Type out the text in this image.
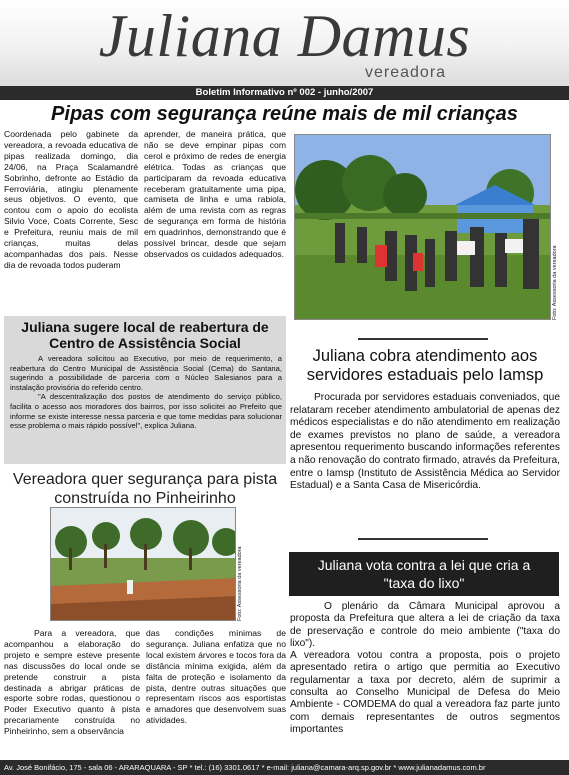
Juliana Damus
vereadora
Boletim Informativo nº 002 - junho/2007
Pipas com segurança reúne mais de mil crianças

Coordenada pelo gabinete da vereadora, a revoada educativa de pipas realizada domingo, dia 24/06, na Praça Scalamandré Sobrinho, defronte ao Estádio da Ferroviária, atingiu plenamente seus objetivos. O evento, que contou com o apoio do ecolista Silvio Voce, Coats Corrente, Sesc e Prefeitura, reuniu mais de mil crianças, muitas delas acompanhadas dos pais. Nesse dia de revoada todos puderam

aprender, de maneira prática, que não se deve empinar pipas com cerol e próximo de redes de energia elétrica. Todas as crianças que participaram da revoada educativa receberam gratuitamente uma pipa, camiseta de linha e uma rabiola, além de uma revista com as regras de segurança em forma de história em quadrinhos, demonstrando que é possível brincar, desde que sejam observados os cuidados adequados.	Foto: Assessoria da vereadora
Juliana sugere local de reabertura de Centro de Assistência Social

A vereadora solicitou ao Executivo, por meio de requerimento, a reabertura do Centro Municipal de Assistência Social (Cema) do Santana, sugerindo a possibilidade de parceria com o Núcleo Salesianos para a instalação provisória do referido centro.

"A descentralização dos postos de atendimento do serviço público, facilita o acesso aos moradores dos bairros, por isso solicitei ao Prefeito que informe se existe interesse nessa parceria e que tome medidas para solucionar esse problema o mais rápido possível", explica Juliana.

Vereadora quer segurança para pista construída no Pinheirinho
Foto: Assessoria da vereadora

Para a vereadora, que acompanhou a elaboração do projeto e sempre esteve presente nas discussões do local onde se pretende construir a pista destinada a abrigar práticas de esporte sobre rodas, questionou o Poder Executivo quanto à pista precariamente construída no Pinheirinho, sem a observância

das condições mínimas de segurança. Juliana enfatiza que no local existem árvores e tocos fora da distância mínima exigida, além da falta de proteção e isolamento da pista, dentre outras situações que representam riscos aos esportistas e amadores que desenvolvem suas atividades.

Juliana cobra atendimento aos servidores estaduais pelo Iamsp

Procurada por servidores estaduais conveniados, que relataram receber atendimento ambulatorial de apenas dez médicos especialistas e do não atendimento em realização de exames previstos no plano de saúde, a vereadora apresentou requerimento buscando informações referentes a não renovação do contrato firmado, através da Prefeitura, entre o Iamsp (Instituto de Assistência Médica ao Servidor Estadual) e a Santa Casa de Misericórdia.

Juliana vota contra a lei que cria a "taxa do lixo"

O plenário da Câmara Municipal aprovou a proposta da Prefeitura que altera a lei de criação da taxa de preservação e controle do meio ambiente ("taxa do lixo").

A vereadora votou contra a proposta, pois o projeto apresentado retira o artigo que permitia ao Executivo regulamentar a taxa por decreto, além de suprimir a consulta ao Conselho Municipal de Defesa do Meio Ambiente - COMDEMA do qual a vereadora faz parte junto com demais representantes de outros segmentos importantes

Av. José Bonifácio, 175 - sala 06 - ARARAQUARA - SP * tel.: (16) 3301.0617 * e-mail: juliana@camara-arq.sp.gov.br * www.julianadamus.com.br
